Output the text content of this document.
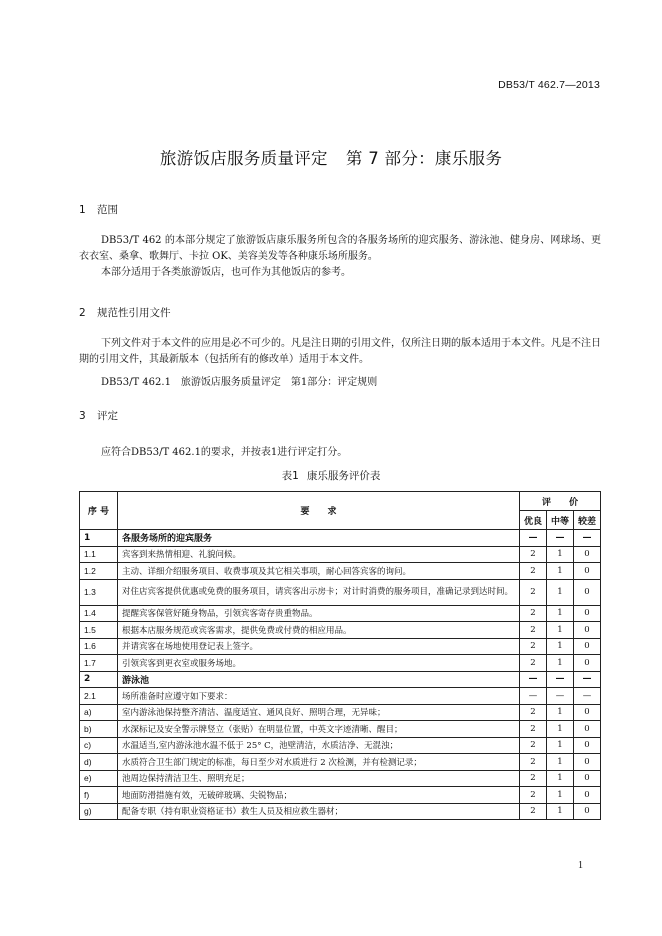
DB53/T 462.7—2013
旅游饭店服务质量评定 第 7 部分：康乐服务
1 范围
DB53/T 462 的本部分规定了旅游饭店康乐服务所包含的各服务场所的迎宾服务、游泳池、健身房、网球场、更衣衣室、桑拿、歌舞厅、卡拉 OK、美容美发等各种康乐场所服务。
本部分适用于各类旅游饭店，也可作为其他饭店的参考。
2 规范性引用文件
下列文件对于本文件的应用是必不可少的。凡是注日期的引用文件，仅所注日期的版本适用于本文件。凡是不注日期的引用文件，其最新版本（包括所有的修改单）适用于本文件。
DB53/T 462.1　旅游饭店服务质量评定　第1部分：评定规则
3 评定
应符合DB53/T 462.1的要求，并按表1进行评定打分。
表1 康乐服务评价表
序 号	要　　求	评　　价		
		优良	中等	较差
1	各服务场所的迎宾服务	—	—	—
1.1	宾客到来热情相迎、礼貌问候。	2	1	0
1.2	主动、详细介绍服务项目、收费事项及其它相关事项，耐心回答宾客的询问。	2	1	0
1.3	对住店宾客提供优惠或免费的服务项目，请宾客出示房卡；对计时消费的服务项目，准确记录到达时间。	2	1	0
1.4	提醒宾客保管好随身物品，引领宾客寄存贵重物品。	2	1	0
1.5	根据本店服务规范或宾客需求，提供免费或付费的相应用品。	2	1	0
1.6	并请宾客在场地使用登记表上签字。	2	1	0
1.7	引领宾客到更衣室或服务场地。	2	1	0
2	游泳池	—	—	—
2.1	场所准备时应遵守如下要求：	—	—	—
a)	室内游泳池保持整齐清洁、温度适宜、通风良好、照明合理，无异味；	2	1	0
b)	水深标记及安全警示牌竖立（张贴）在明显位置，中英文字迹清晰、醒目；	2	1	0
c)	水温适当,室内游泳池水温不低于 25° C，池壁清洁，水质洁净、无混浊；	2	1	0
d)	水质符合卫生部门规定的标准，每日至少对水质进行 2 次检测，并有检测记录；	2	1	0
e)	池周边保持清洁卫生、照明充足；	2	1	0
f)	地面防滑措施有效，无破碎玻璃、尖锐物品；	2	1	0
g)	配备专职（持有职业资格证书）救生人员及相应救生器材；	2	1	0
1
